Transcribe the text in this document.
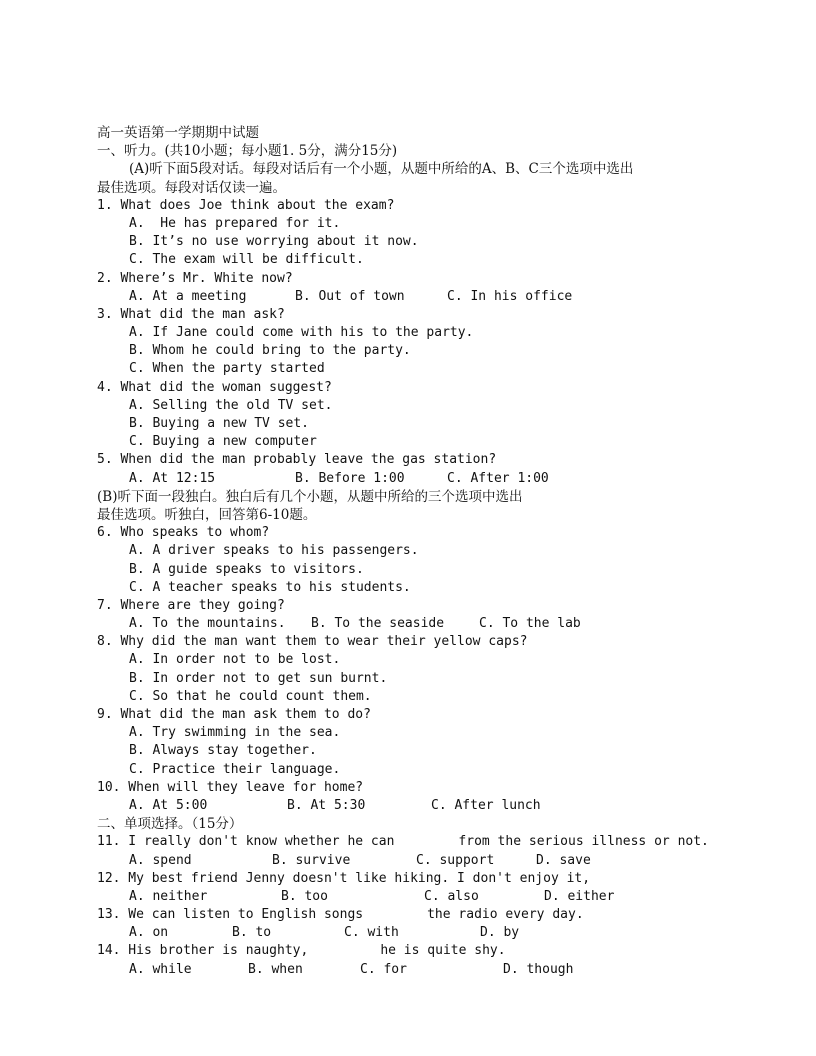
高一英语第一学期期中试题
一、听力。(共10小题；每小题1. 5分，满分15分)
(A)听下面5段对话。每段对话后有一个小题，从题中所给的A、B、C三个选项中选出
最佳选项。每段对话仅读一遍。
1. What does Joe think about the exam?
A.  He has prepared for it.
B. It’s no use worrying about it now.
C. The exam will be difficult.
2. Where’s Mr. White now?
A. At a meeting	B. Out of town	C. In his office
3. What did the man ask?
A. If Jane could come with his to the party.
B. Whom he could bring to the party.
C. When the party started
4. What did the woman suggest?
A. Selling the old TV set.
B. Buying a new TV set.
C. Buying a new computer
5. When did the man probably leave the gas station?
A. At 12:15	B. Before 1:00	C. After 1:00
(B)听下面一段独白。独白后有几个小题，从题中所给的三个选项中选出
最佳选项。听独白，回答第6-10题。
6. Who speaks to whom?
A. A driver speaks to his passengers.
B. A guide speaks to visitors.
C. A teacher speaks to his students.
7. Where are they going?
A. To the mountains. B. To the seaside	C. To the lab
8. Why did the man want them to wear their yellow caps?
A. In order not to be lost.
B. In order not to get sun burnt.
C. So that he could count them.
9. What did the man ask them to do?
A. Try swimming in the sea.
B. Always stay together.
C. Practice their language.
10. When will they leave for home?
A. At 5:00	B. At 5:30	C. After lunch
二、单项选择。（15分）
11. I really don't know whether he can	from the serious illness or not.
A. spend	B. survive	C. support	D. save
12. My best friend Jenny doesn't like hiking. I don't enjoy it,
A. neither	B. too	C. also	D. either
13. We can listen to English songs	the radio every day.
A. on	B. to	C. with	D. by
14. His brother is naughty,	he is quite shy.
A. while	B. when	C. for	D. though
